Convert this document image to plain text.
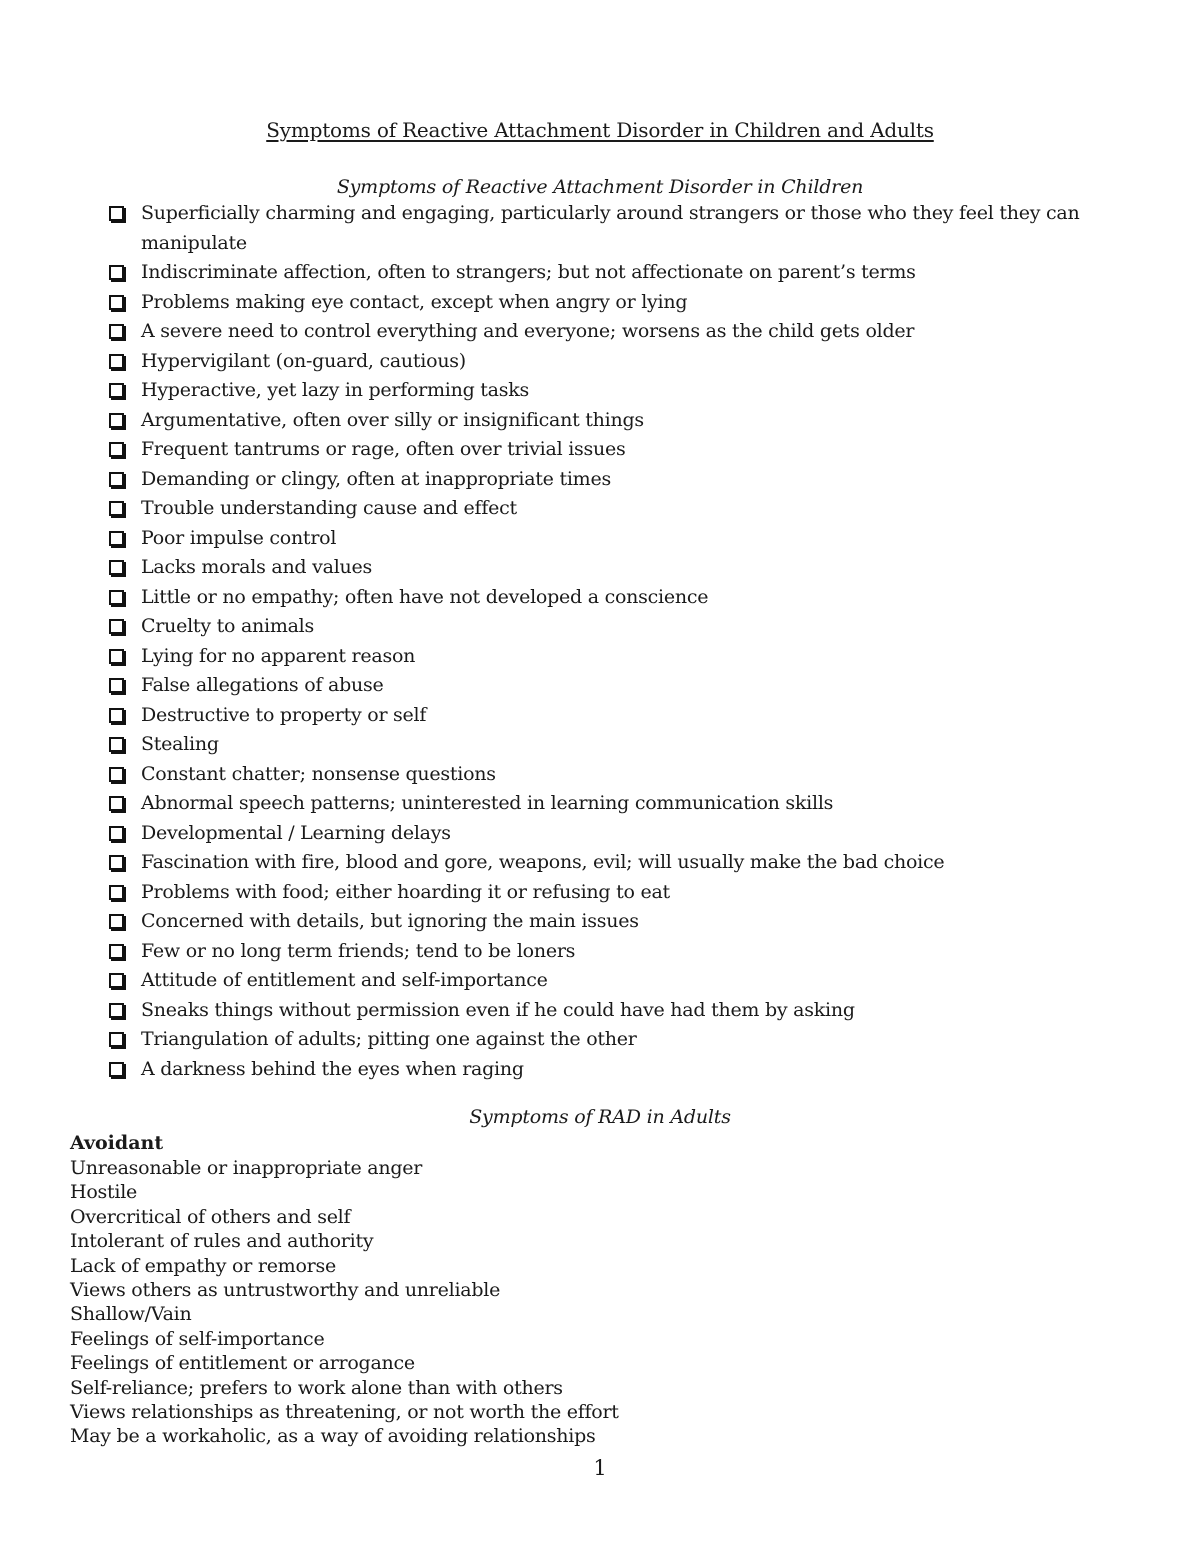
Symptoms of Reactive Attachment Disorder in Children and Adults
Symptoms of Reactive Attachment Disorder in Children
Superficially charming and engaging, particularly around strangers or those who they feel they can manipulate
Indiscriminate affection, often to strangers; but not affectionate on parent’s terms
Problems making eye contact, except when angry or lying
A severe need to control everything and everyone; worsens as the child gets older
Hypervigilant (on-guard, cautious)
Hyperactive, yet lazy in performing tasks
Argumentative, often over silly or insignificant things
Frequent tantrums or rage, often over trivial issues
Demanding or clingy, often at inappropriate times
Trouble understanding cause and effect
Poor impulse control
Lacks morals and values
Little or no empathy; often have not developed a conscience
Cruelty to animals
Lying for no apparent reason
False allegations of abuse
Destructive to property or self
Stealing
Constant chatter; nonsense questions
Abnormal speech patterns; uninterested in learning communication skills
Developmental / Learning delays
Fascination with fire, blood and gore, weapons, evil; will usually make the bad choice
Problems with food; either hoarding it or refusing to eat
Concerned with details, but ignoring the main issues
Few or no long term friends; tend to be loners
Attitude of entitlement and self-importance
Sneaks things without permission even if he could have had them by asking
Triangulation of adults; pitting one against the other
A darkness behind the eyes when raging
Symptoms of RAD in Adults
Avoidant
Unreasonable or inappropriate anger
Hostile
Overcritical of others and self
Intolerant of rules and authority
Lack of empathy or remorse
Views others as untrustworthy and unreliable
Shallow/Vain
Feelings of self-importance
Feelings of entitlement or arrogance
Self-reliance; prefers to work alone than with others
Views relationships as threatening, or not worth the effort
May be a workaholic, as a way of avoiding relationships
1
